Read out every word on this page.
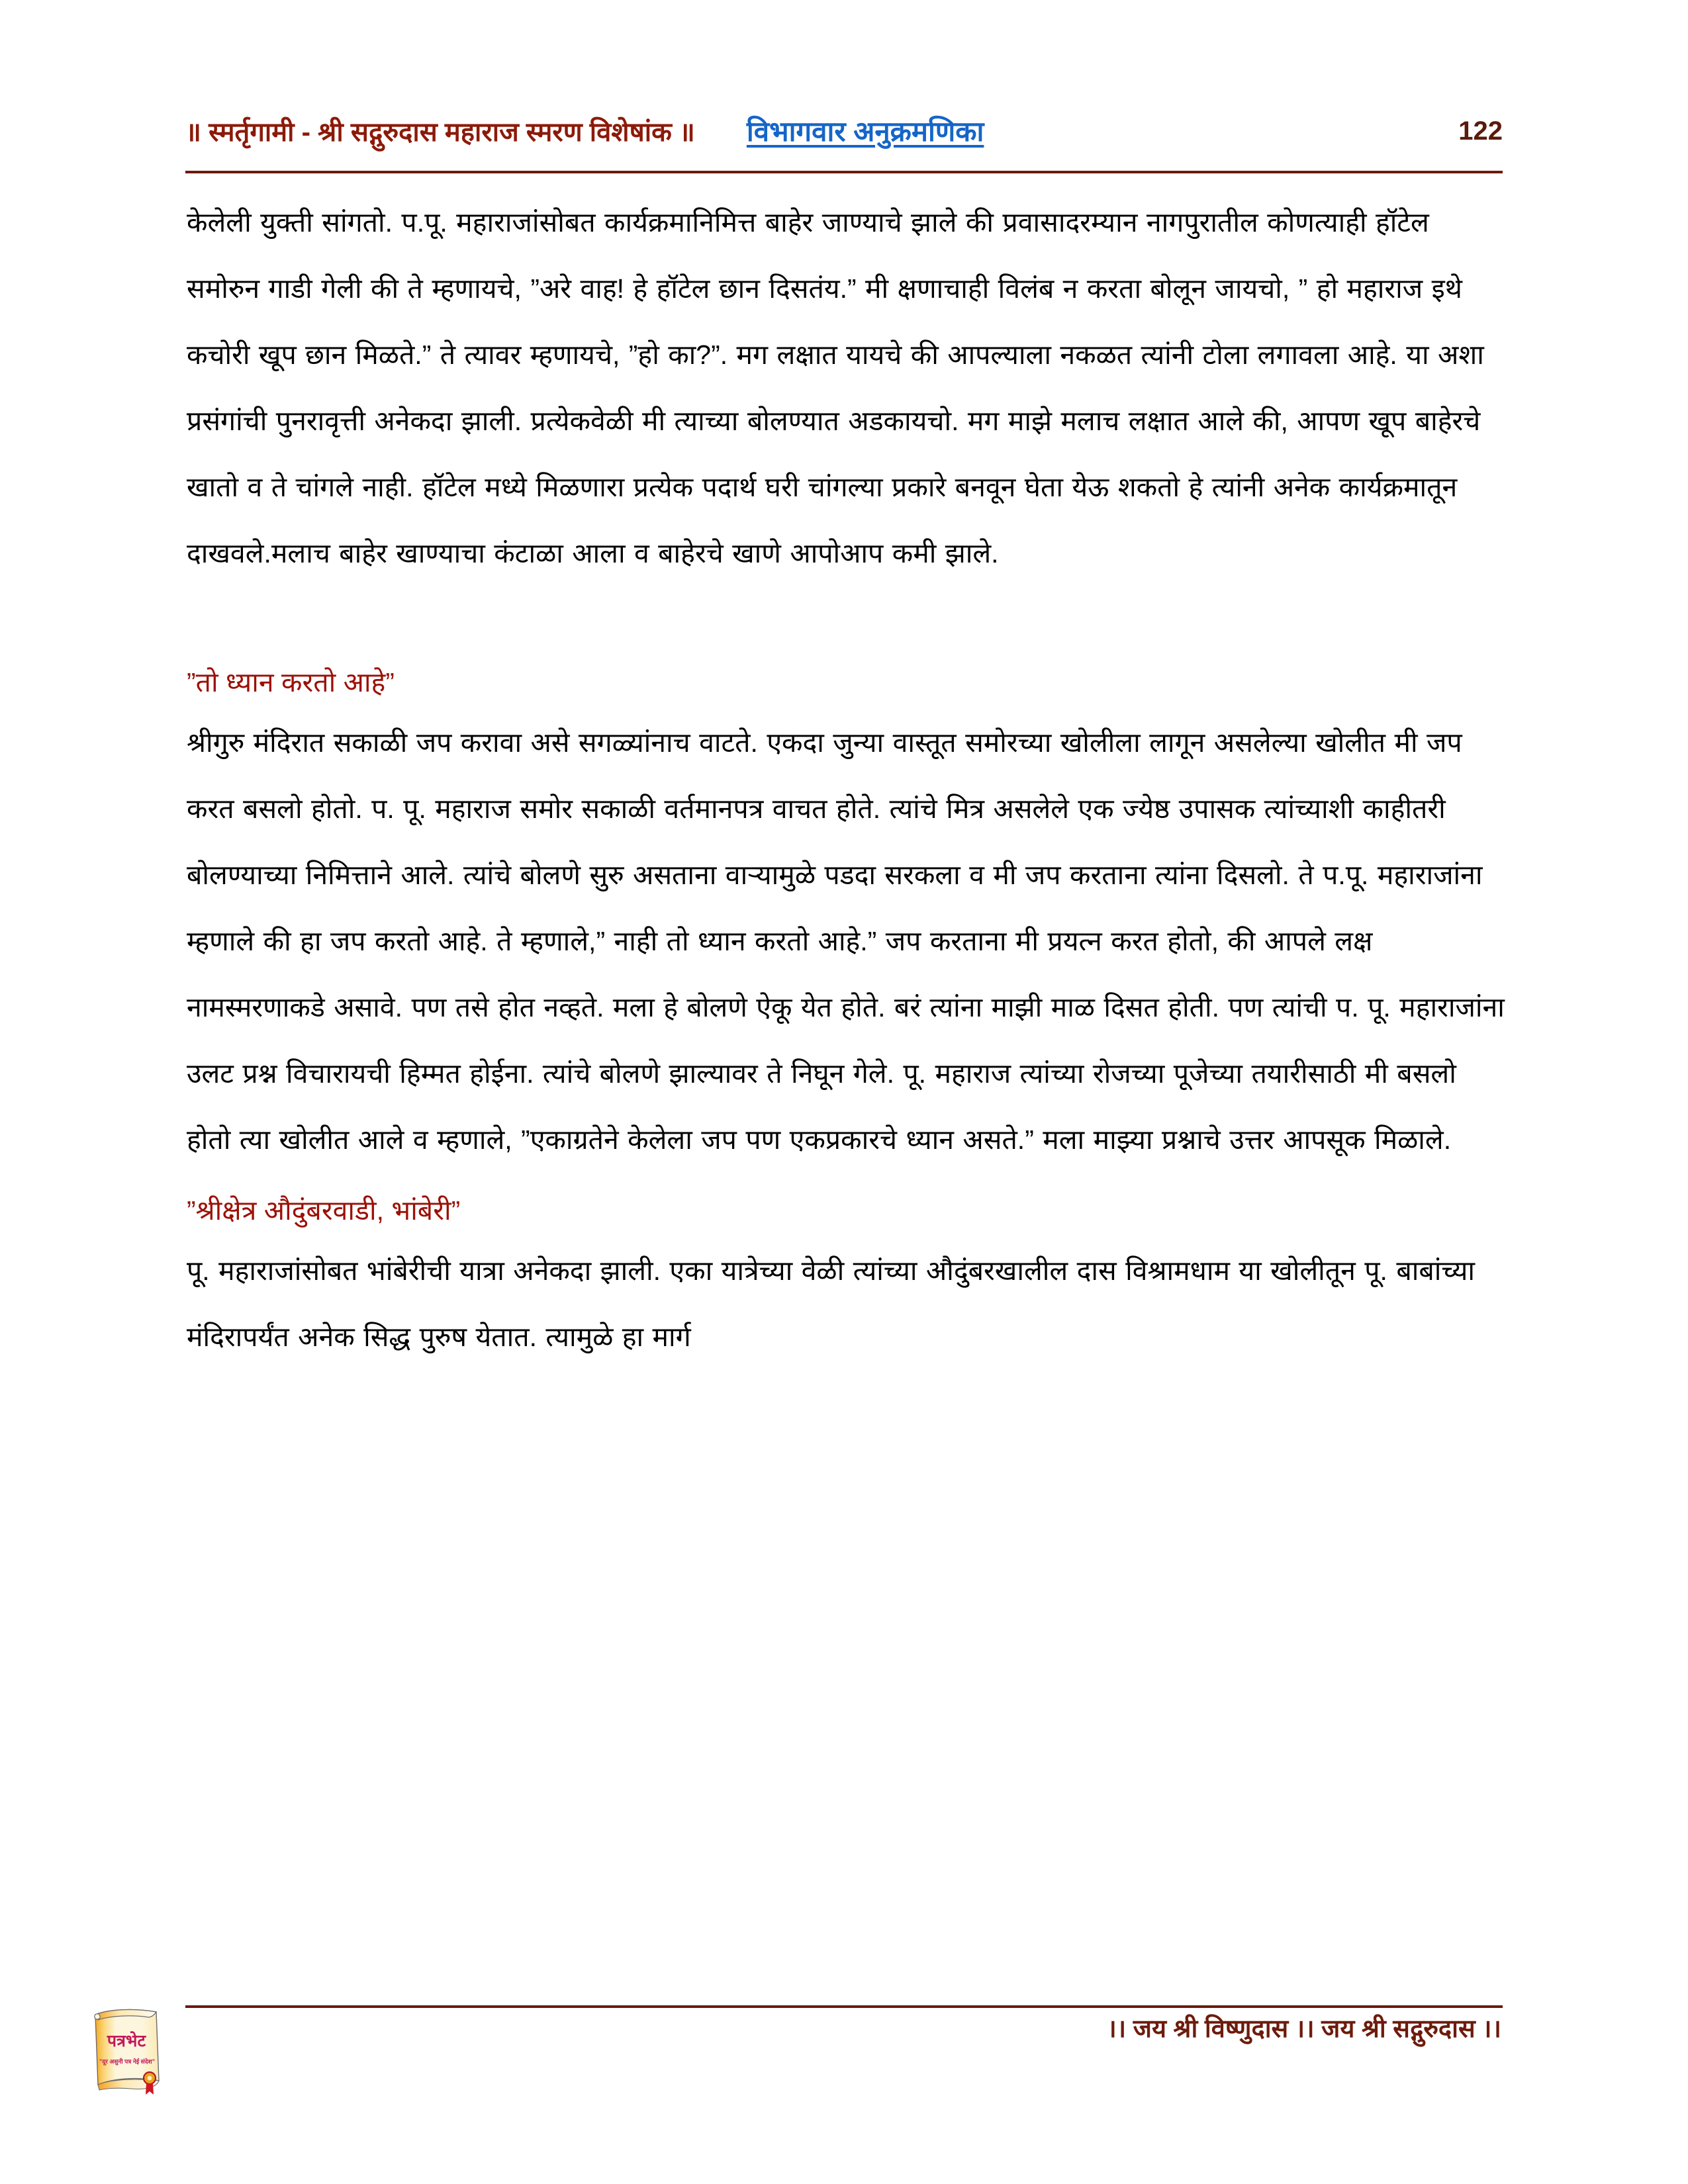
॥ स्मर्तृगामी - श्री सद्गुरुदास महाराज स्मरण विशेषांक ॥ विभागवार अनुक्रमणिका	122

केलेली युक्ती सांगतो. प.पू. महाराजांसोबत कार्यक्रमानिमित्त बाहेर जाण्याचे झाले की प्रवासादरम्यान नागपुरातील कोणत्याही हॉटेल समोरुन गाडी गेली की ते म्हणायचे, ”अरे वाह! हे हॉटेल छान दिसतंय.” मी क्षणाचाही विलंब न करता बोलून जायचो, ” हो महाराज इथे कचोरी खूप छान मिळते.” ते त्यावर म्हणायचे, ”हो का?”. मग लक्षात यायचे की आपल्याला नकळत त्यांनी टोला लगावला आहे. या अशा प्रसंगांची पुनरावृत्ती अनेकदा झाली. प्रत्येकवेळी मी त्याच्या बोलण्यात अडकायचो. मग माझे मलाच लक्षात आले की, आपण खूप बाहेरचे खातो व ते चांगले नाही. हॉटेल मध्ये मिळणारा प्रत्येक पदार्थ घरी चांगल्या प्रकारे बनवून घेता येऊ शकतो हे त्यांनी अनेक कार्यक्रमातून दाखवले.मलाच बाहेर खाण्याचा कंटाळा आला व बाहेरचे खाणे आपोआप कमी झाले.

”तो ध्यान करतो आहे”

श्रीगुरु मंदिरात सकाळी जप करावा असे सगळ्यांनाच वाटते. एकदा जुन्या वास्तूत समोरच्या खोलीला लागून असलेल्या खोलीत मी जप करत बसलो होतो. प. पू. महाराज समोर सकाळी वर्तमानपत्र वाचत होते. त्यांचे मित्र असलेले एक ज्येष्ठ उपासक त्यांच्याशी काहीतरी बोलण्याच्या निमित्ताने आले. त्यांचे बोलणे सुरु असताना वाऱ्यामुळे पडदा सरकला व मी जप करताना त्यांना दिसलो. ते प.पू. महाराजांना म्हणाले की हा जप करतो आहे. ते म्हणाले,” नाही तो ध्यान करतो आहे.” जप करताना मी प्रयत्न करत होतो, की आपले लक्ष नामस्मरणाकडे असावे. पण तसे होत नव्हते. मला हे बोलणे ऐकू येत होते. बरं त्यांना माझी माळ दिसत होती. पण त्यांची प. पू. महाराजांना उलट प्रश्न विचारायची हिम्मत होईना. त्यांचे बोलणे झाल्यावर ते निघून गेले. पू. महाराज त्यांच्या रोजच्या पूजेच्या तयारीसाठी मी बसलो होतो त्या खोलीत आले व म्हणाले, ”एकाग्रतेने केलेला जप पण एकप्रकारचे ध्यान असते.” मला माझ्या प्रश्नाचे उत्तर आपसूक मिळाले.

”श्रीक्षेत्र औदुंबरवाडी, भांबेरी”

पू. महाराजांसोबत भांबेरीची यात्रा अनेकदा झाली. एका यात्रेच्या वेळी त्यांच्या औदुंबरखालील दास विश्रामधाम या खोलीतून पू. बाबांच्या मंदिरापर्यंत अनेक सिद्ध पुरुष येतात. त्यामुळे हा मार्ग

।। जय श्री विष्णुदास ।। जय श्री सद्गुरुदास ।।
पत्रभेट
”दूर असुनी पत्र नेई संदेश”
